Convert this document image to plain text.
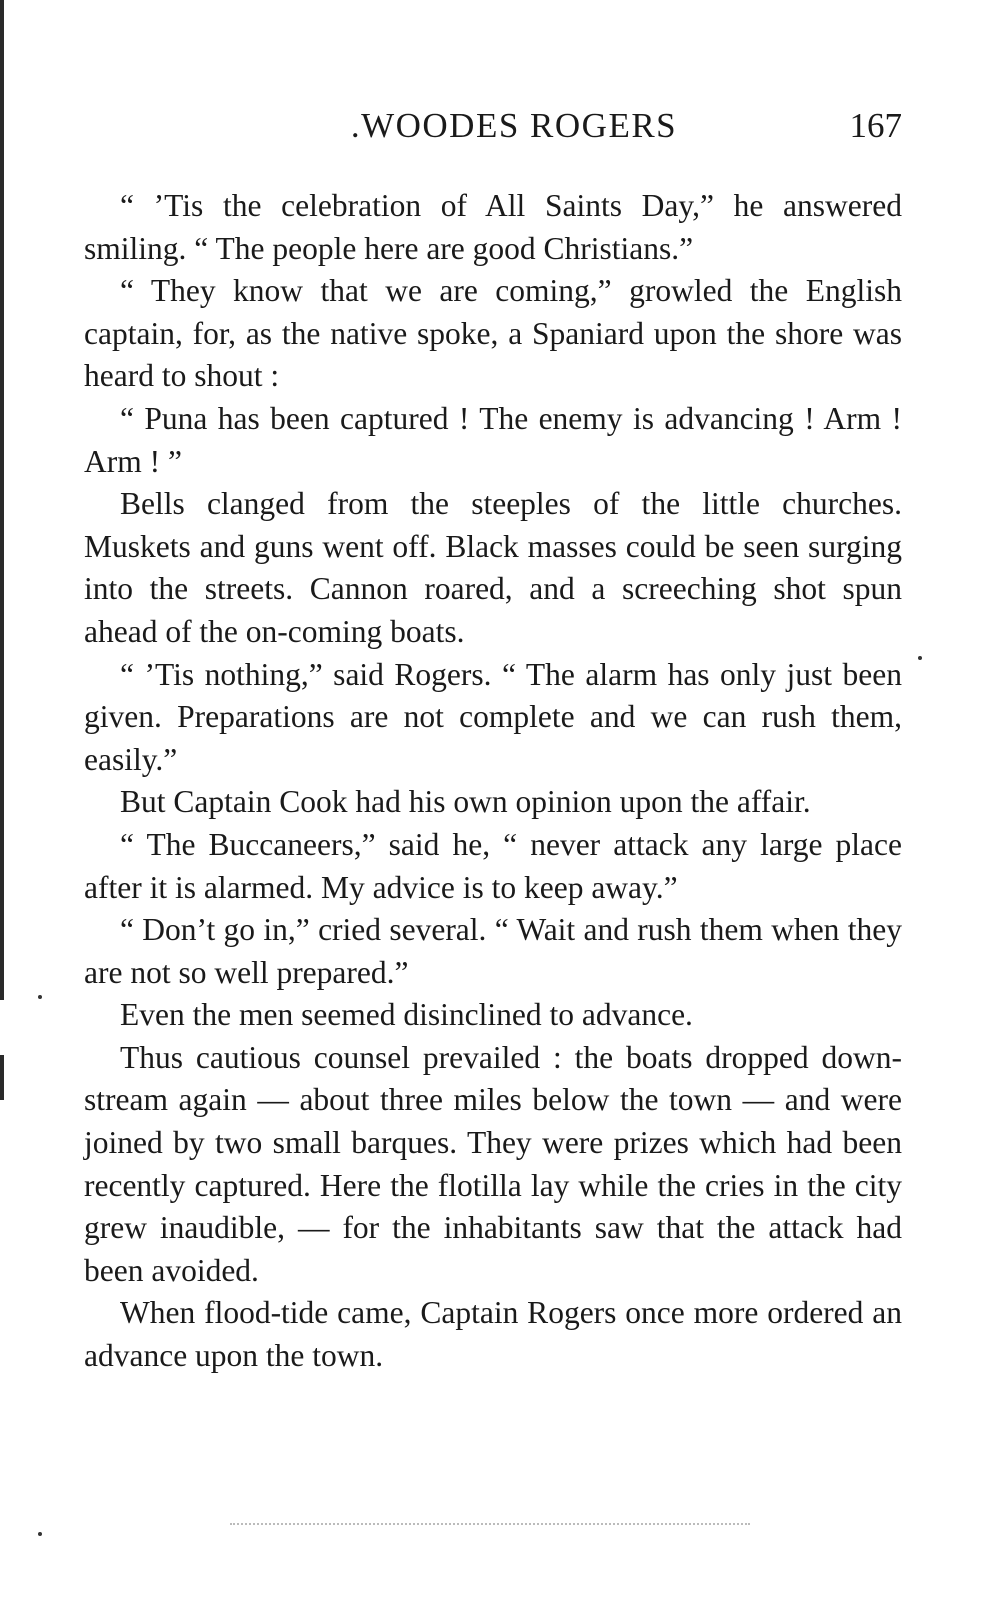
.WOODES ROGERS	167

“ ’Tis the celebration of All Saints Day,” he answered smiling. “ The people here are good Christians.”

“ They know that we are coming,” growled the English captain, for, as the native spoke, a Spaniard upon the shore was heard to shout :

“ Puna has been captured ! The enemy is advancing ! Arm ! Arm ! ”

Bells clanged from the steeples of the little churches. Muskets and guns went off. Black masses could be seen surging into the streets. Cannon roared, and a screeching shot spun ahead of the on-coming boats.

“ ’Tis nothing,” said Rogers. “ The alarm has only just been given. Preparations are not complete and we can rush them, easily.”

But Captain Cook had his own opinion upon the affair.

“ The Buccaneers,” said he, “ never attack any large place after it is alarmed. My advice is to keep away.”

“ Don’t go in,” cried several. “ Wait and rush them when they are not so well prepared.”

Even the men seemed disinclined to advance.

Thus cautious counsel prevailed : the boats dropped down-stream again — about three miles below the town — and were joined by two small barques. They were prizes which had been recently captured. Here the flotilla lay while the cries in the city grew inaudible, — for the inhabitants saw that the attack had been avoided.

When flood-tide came, Captain Rogers once more ordered an advance upon the town.
